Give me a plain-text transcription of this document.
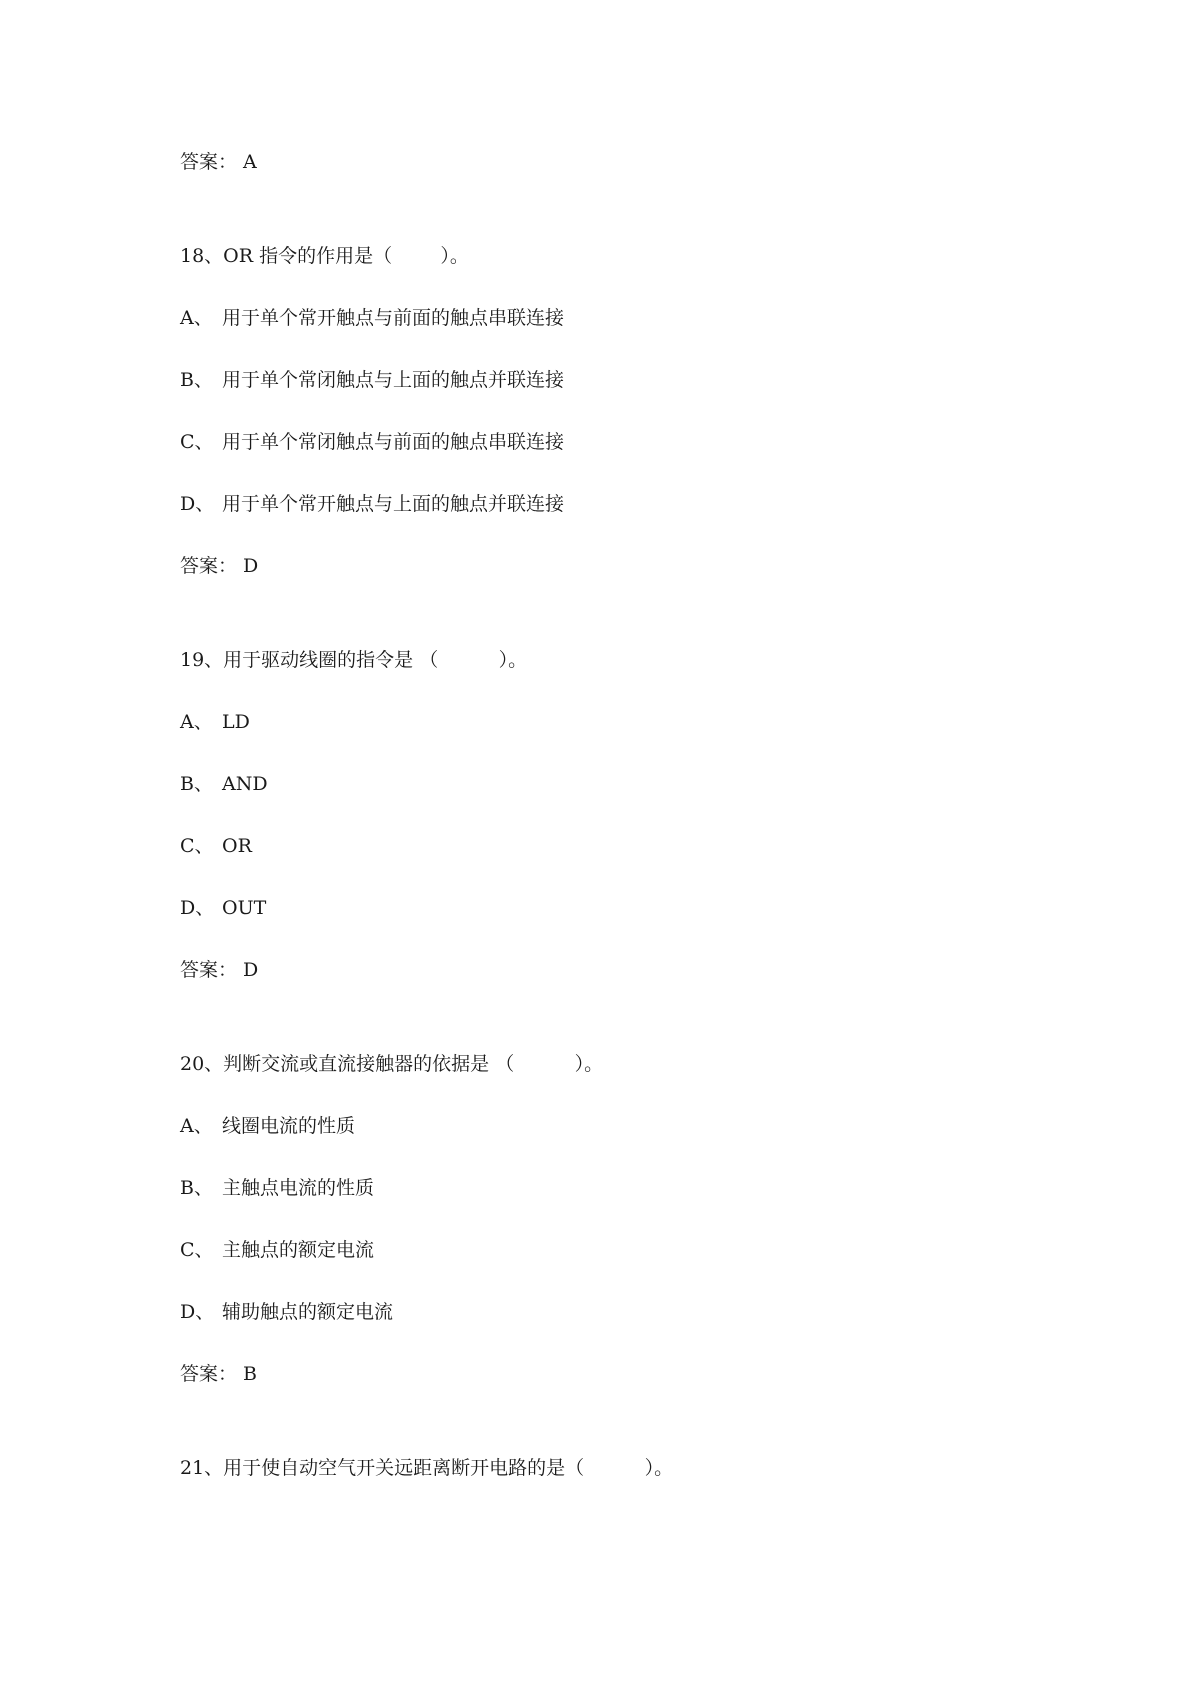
答案： A
18、OR 指令的作用是（        ）。
A、 用于单个常开触点与前面的触点串联连接
B、 用于单个常闭触点与上面的触点并联连接
C、 用于单个常闭触点与前面的触点串联连接
D、 用于单个常开触点与上面的触点并联连接
答案： D
19、用于驱动线圈的指令是 （          ）。
A、 LD
B、 AND
C、 OR
D、 OUT
答案： D
20、判断交流或直流接触器的依据是 （          ）。
A、 线圈电流的性质
B、 主触点电流的性质
C、 主触点的额定电流
D、 辅助触点的额定电流
答案： B
21、用于使自动空气开关远距离断开电路的是（          ）。
